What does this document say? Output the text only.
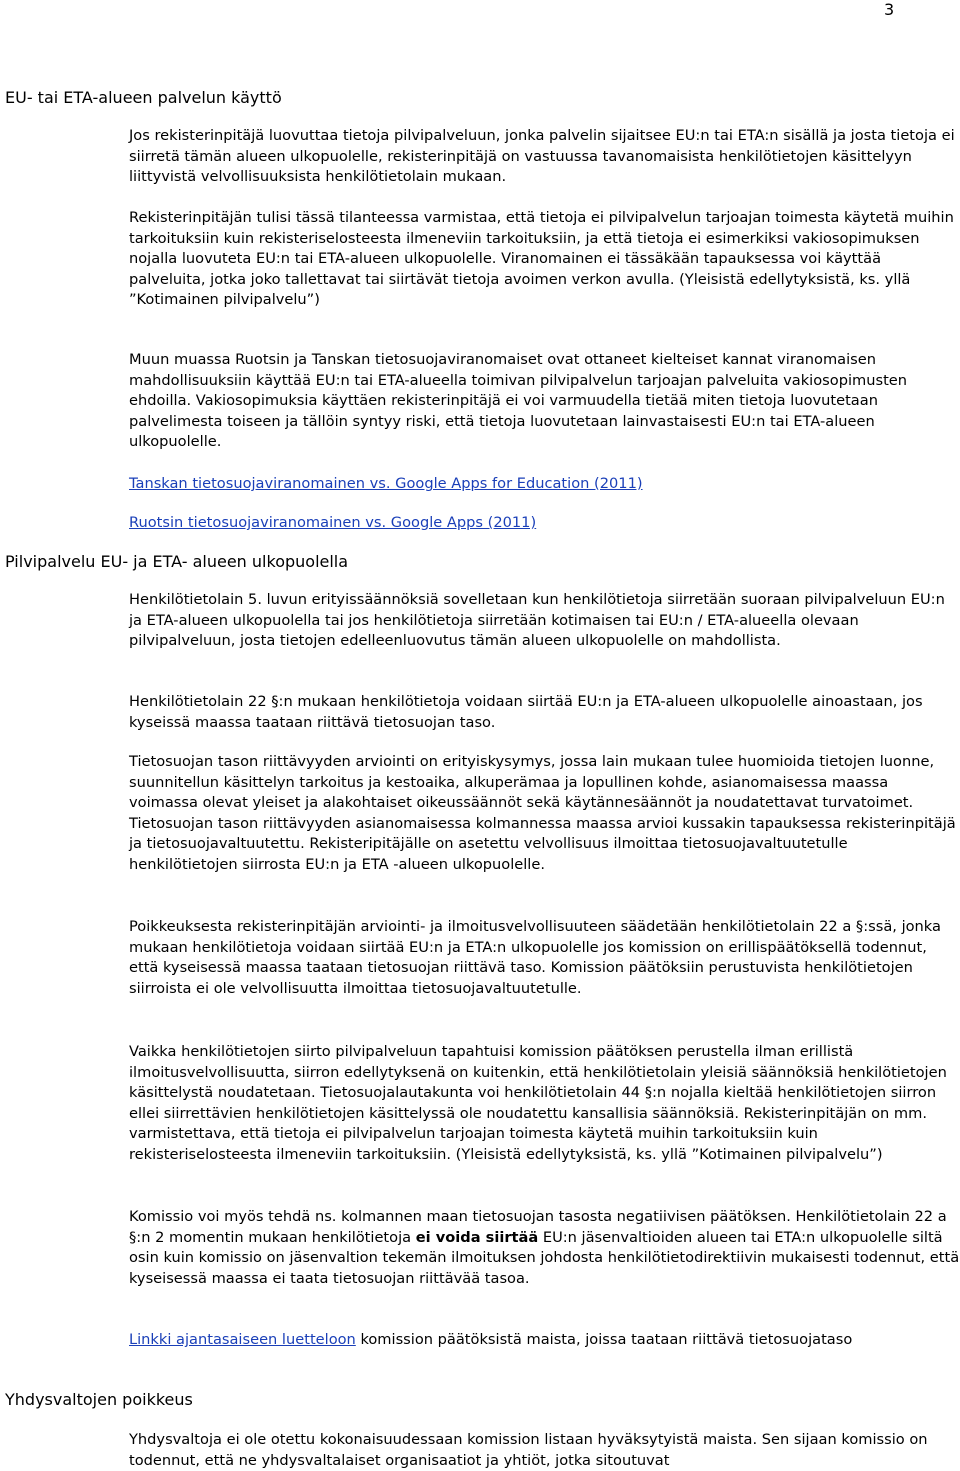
3
EU- tai ETA-alueen palvelun käyttö
Jos rekisterinpitäjä luovuttaa tietoja pilvipalveluun, jonka palvelin sijaitsee EU:n tai ETA:n sisällä ja josta tietoja ei siirretä tämän alueen ulkopuolelle, rekisterinpitäjä on vastuussa tavanomaisista henkilötietojen käsittelyyn liittyvistä velvollisuuksista henkilötietolain mukaan.
Rekisterinpitäjän tulisi tässä tilanteessa varmistaa, että tietoja ei pilvipalvelun tarjoajan toimesta käytetä muihin tarkoituksiin kuin rekisteriselosteesta ilmeneviin tarkoituksiin, ja että tietoja ei esimerkiksi vakiosopimuksen nojalla luovuteta EU:n tai ETA-alueen ulkopuolelle. Viranomainen ei tässäkään tapauksessa voi käyttää palveluita, jotka joko tallettavat tai siirtävät tietoja avoimen verkon avulla. (Yleisistä edellytyksistä, ks. yllä ”Kotimainen pilvipalvelu”)
Muun muassa Ruotsin ja Tanskan tietosuojaviranomaiset ovat ottaneet kielteiset kannat viranomaisen mahdollisuuksiin käyttää EU:n tai ETA-alueella toimivan pilvipalvelun tarjoajan palveluita vakiosopimusten ehdoilla. Vakiosopimuksia käyttäen rekisterinpitäjä ei voi varmuudella tietää miten tietoja luovutetaan palvelimesta toiseen ja tällöin syntyy riski, että tietoja luovutetaan lainvastaisesti EU:n tai ETA-alueen ulkopuolelle.
Tanskan tietosuojaviranomainen vs. Google Apps for Education (2011)
Ruotsin tietosuojaviranomainen vs. Google Apps (2011)
Pilvipalvelu EU- ja ETA- alueen ulkopuolella
Henkilötietolain 5. luvun erityissäännöksiä sovelletaan kun henkilötietoja siirretään suoraan pilvipalveluun EU:n ja ETA-alueen ulkopuolella tai jos henkilötietoja siirretään kotimaisen tai EU:n / ETA-alueella olevaan pilvipalveluun, josta tietojen edelleenluovutus tämän alueen ulkopuolelle on mahdollista.
Henkilötietolain 22 §:n mukaan henkilötietoja voidaan siirtää EU:n ja ETA-alueen ulkopuolelle ainoastaan, jos kyseissä maassa taataan riittävä tietosuojan taso.
Tietosuojan tason riittävyyden arviointi on erityiskysymys, jossa lain mukaan tulee huomioida tietojen luonne, suunnitellun käsittelyn tarkoitus ja kestoaika, alkuperämaa ja lopullinen kohde, asianomaisessa maassa voimassa olevat yleiset ja alakohtaiset oikeussäännöt sekä käytännesäännöt ja noudatettavat turvatoimet. Tietosuojan tason riittävyyden asianomaisessa kolmannessa maassa arvioi kussakin tapauksessa rekisterinpitäjä ja tietosuojavaltuutettu. Rekisteripitäjälle on asetettu velvollisuus ilmoittaa tietosuojavaltuutetulle henkilötietojen siirrosta EU:n ja ETA -alueen ulkopuolelle.
Poikkeuksesta rekisterinpitäjän arviointi- ja ilmoitusvelvollisuuteen säädetään henkilötietolain 22 a §:ssä, jonka mukaan henkilötietoja voidaan siirtää EU:n ja ETA:n ulkopuolelle jos komission on erillispäätöksellä todennut, että kyseisessä maassa taataan tietosuojan riittävä taso. Komission päätöksiin perustuvista henkilötietojen siirroista ei ole velvollisuutta ilmoittaa tietosuojavaltuutetulle.
Vaikka henkilötietojen siirto pilvipalveluun tapahtuisi komission päätöksen perustella ilman erillistä ilmoitusvelvollisuutta, siirron edellytyksenä on kuitenkin, että henkilötietolain yleisiä säännöksiä henkilötietojen käsittelystä noudatetaan. Tietosuojalautakunta voi henkilötietolain 44 §:n nojalla kieltää henkilötietojen siirron ellei siirrettävien henkilötietojen käsittelyssä ole noudatettu kansallisia säännöksiä. Rekisterinpitäjän on mm. varmistettava, että tietoja ei pilvipalvelun tarjoajan toimesta käytetä muihin tarkoituksiin kuin rekisteriselosteesta ilmeneviin tarkoituksiin. (Yleisistä edellytyksistä, ks. yllä ”Kotimainen pilvipalvelu”)
Komissio voi myös tehdä ns. kolmannen maan tietosuojan tasosta negatiivisen päätöksen. Henkilötietolain 22 a §:n 2 momentin mukaan henkilötietoja ei voida siirtää EU:n jäsenvaltioiden alueen tai ETA:n ulkopuolelle siltä osin kuin komissio on jäsenvaltion tekemän ilmoituksen johdosta henkilötietodirektiivin mukaisesti todennut, että kyseisessä maassa ei taata tietosuojan riittävää tasoa.
Linkki ajantasaiseen luetteloon komission päätöksistä maista, joissa taataan riittävä tietosuojataso
Yhdysvaltojen poikkeus
Yhdysvaltoja ei ole otettu kokonaisuudessaan komission listaan hyväksytyistä maista. Sen sijaan komissio on todennut, että ne yhdysvaltalaiset organisaatiot ja yhtiöt, jotka sitoutuvat
